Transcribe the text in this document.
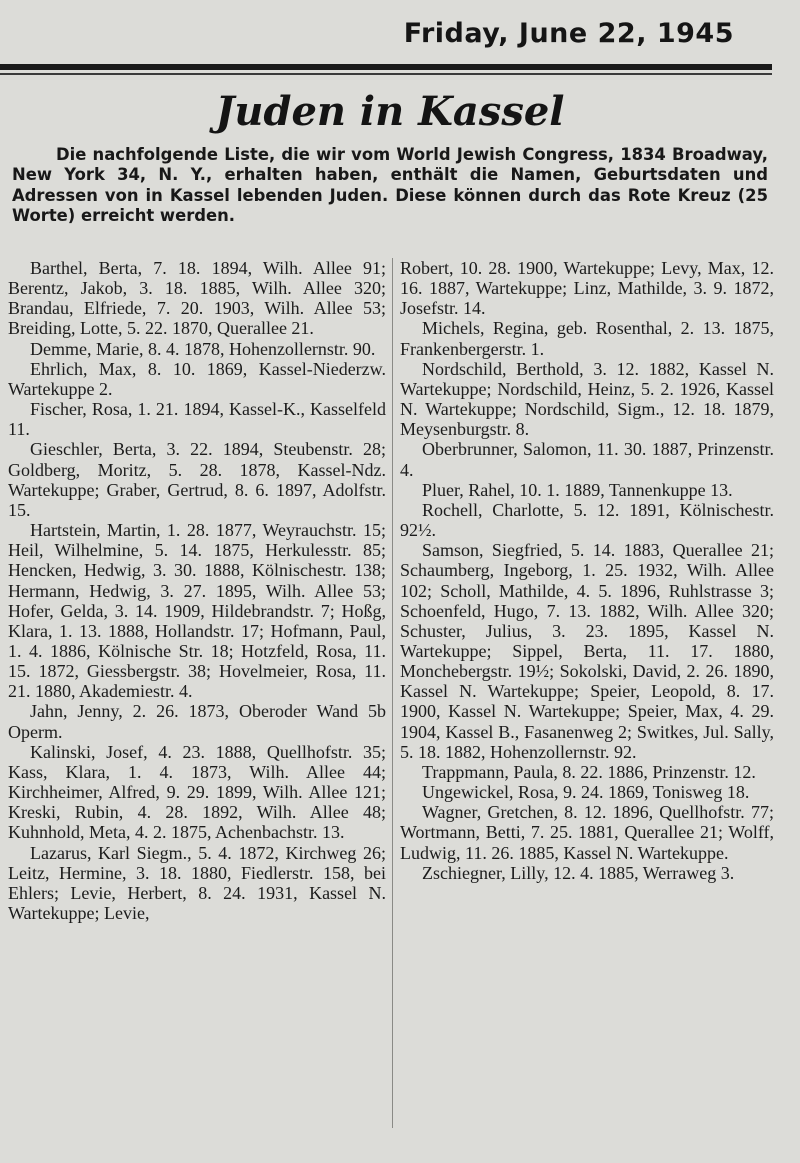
Friday, June 22, 1945
Juden in Kassel
Die nachfolgende Liste, die wir vom World Jewish Congress, 1834 Broadway, New York 34, N. Y., erhalten haben, enthält die Namen, Geburtsdaten und Adressen von in Kassel lebenden Juden. Diese können durch das Rote Kreuz (25 Worte) erreicht werden.

Barthel, Berta, 7. 18. 1894, Wilh. Allee 91; Berentz, Jakob, 3. 18. 1885, Wilh. Allee 320; Brandau, Elfriede, 7. 20. 1903, Wilh. Allee 53; Breiding, Lotte, 5. 22. 1870, Querallee 21.

Demme, Marie, 8. 4. 1878, Hohenzollernstr. 90.

Ehrlich, Max, 8. 10. 1869, Kassel-Niederzw. Wartekuppe 2.

Fischer, Rosa, 1. 21. 1894, Kassel-K., Kasselfeld 11.

Gieschler, Berta, 3. 22. 1894, Steubenstr. 28; Goldberg, Moritz, 5. 28. 1878, Kassel-Ndz. Wartekuppe; Graber, Gertrud, 8. 6. 1897, Adolfstr. 15.

Hartstein, Martin, 1. 28. 1877, Weyrauchstr. 15; Heil, Wilhelmine, 5. 14. 1875, Herkulesstr. 85; Hencken, Hedwig, 3. 30. 1888, Kölnischestr. 138; Hermann, Hedwig, 3. 27. 1895, Wilh. Allee 53; Hofer, Gelda, 3. 14. 1909, Hildebrandstr. 7; Hoßg, Klara, 1. 13. 1888, Hollandstr. 17; Hofmann, Paul, 1. 4. 1886, Kölnische Str. 18; Hotzfeld, Rosa, 11. 15. 1872, Giessbergstr. 38; Hovelmeier, Rosa, 11. 21. 1880, Akademiestr. 4.

Jahn, Jenny, 2. 26. 1873, Oberoder Wand 5b Operm.

Kalinski, Josef, 4. 23. 1888, Quellhofstr. 35; Kass, Klara, 1. 4. 1873, Wilh. Allee 44; Kirchheimer, Alfred, 9. 29. 1899, Wilh. Allee 121; Kreski, Rubin, 4. 28. 1892, Wilh. Allee 48; Kuhnhold, Meta, 4. 2. 1875, Achenbachstr. 13.

Lazarus, Karl Siegm., 5. 4. 1872, Kirchweg 26; Leitz, Hermine, 3. 18. 1880, Fiedlerstr. 158, bei Ehlers; Levie, Herbert, 8. 24. 1931, Kassel N. Wartekuppe; Levie,

Robert, 10. 28. 1900, Wartekuppe; Levy, Max, 12. 16. 1887, Wartekuppe; Linz, Mathilde, 3. 9. 1872, Josefstr. 14.

Michels, Regina, geb. Rosenthal, 2. 13. 1875, Frankenbergerstr. 1.

Nordschild, Berthold, 3. 12. 1882, Kassel N. Wartekuppe; Nordschild, Heinz, 5. 2. 1926, Kassel N. Wartekuppe; Nordschild, Sigm., 12. 18. 1879, Meysenburgstr. 8.

Oberbrunner, Salomon, 11. 30. 1887, Prinzenstr. 4.

Pluer, Rahel, 10. 1. 1889, Tannenkuppe 13.

Rochell, Charlotte, 5. 12. 1891, Kölnischestr. 92½.

Samson, Siegfried, 5. 14. 1883, Querallee 21; Schaumberg, Ingeborg, 1. 25. 1932, Wilh. Allee 102; Scholl, Mathilde, 4. 5. 1896, Ruhlstrasse 3; Schoenfeld, Hugo, 7. 13. 1882, Wilh. Allee 320; Schuster, Julius, 3. 23. 1895, Kassel N. Wartekuppe; Sippel, Berta, 11. 17. 1880, Monchebergstr. 19½; Sokolski, David, 2. 26. 1890, Kassel N. Wartekuppe; Speier, Leopold, 8. 17. 1900, Kassel N. Wartekuppe; Speier, Max, 4. 29. 1904, Kassel B., Fasanenweg 2; Switkes, Jul. Sally, 5. 18. 1882, Hohenzollernstr. 92.

Trappmann, Paula, 8. 22. 1886, Prinzenstr. 12.

Ungewickel, Rosa, 9. 24. 1869, Tonisweg 18.

Wagner, Gretchen, 8. 12. 1896, Quellhofstr. 77; Wortmann, Betti, 7. 25. 1881, Querallee 21; Wolff, Ludwig, 11. 26. 1885, Kassel N. Wartekuppe.

Zschiegner, Lilly, 12. 4. 1885, Werraweg 3.
